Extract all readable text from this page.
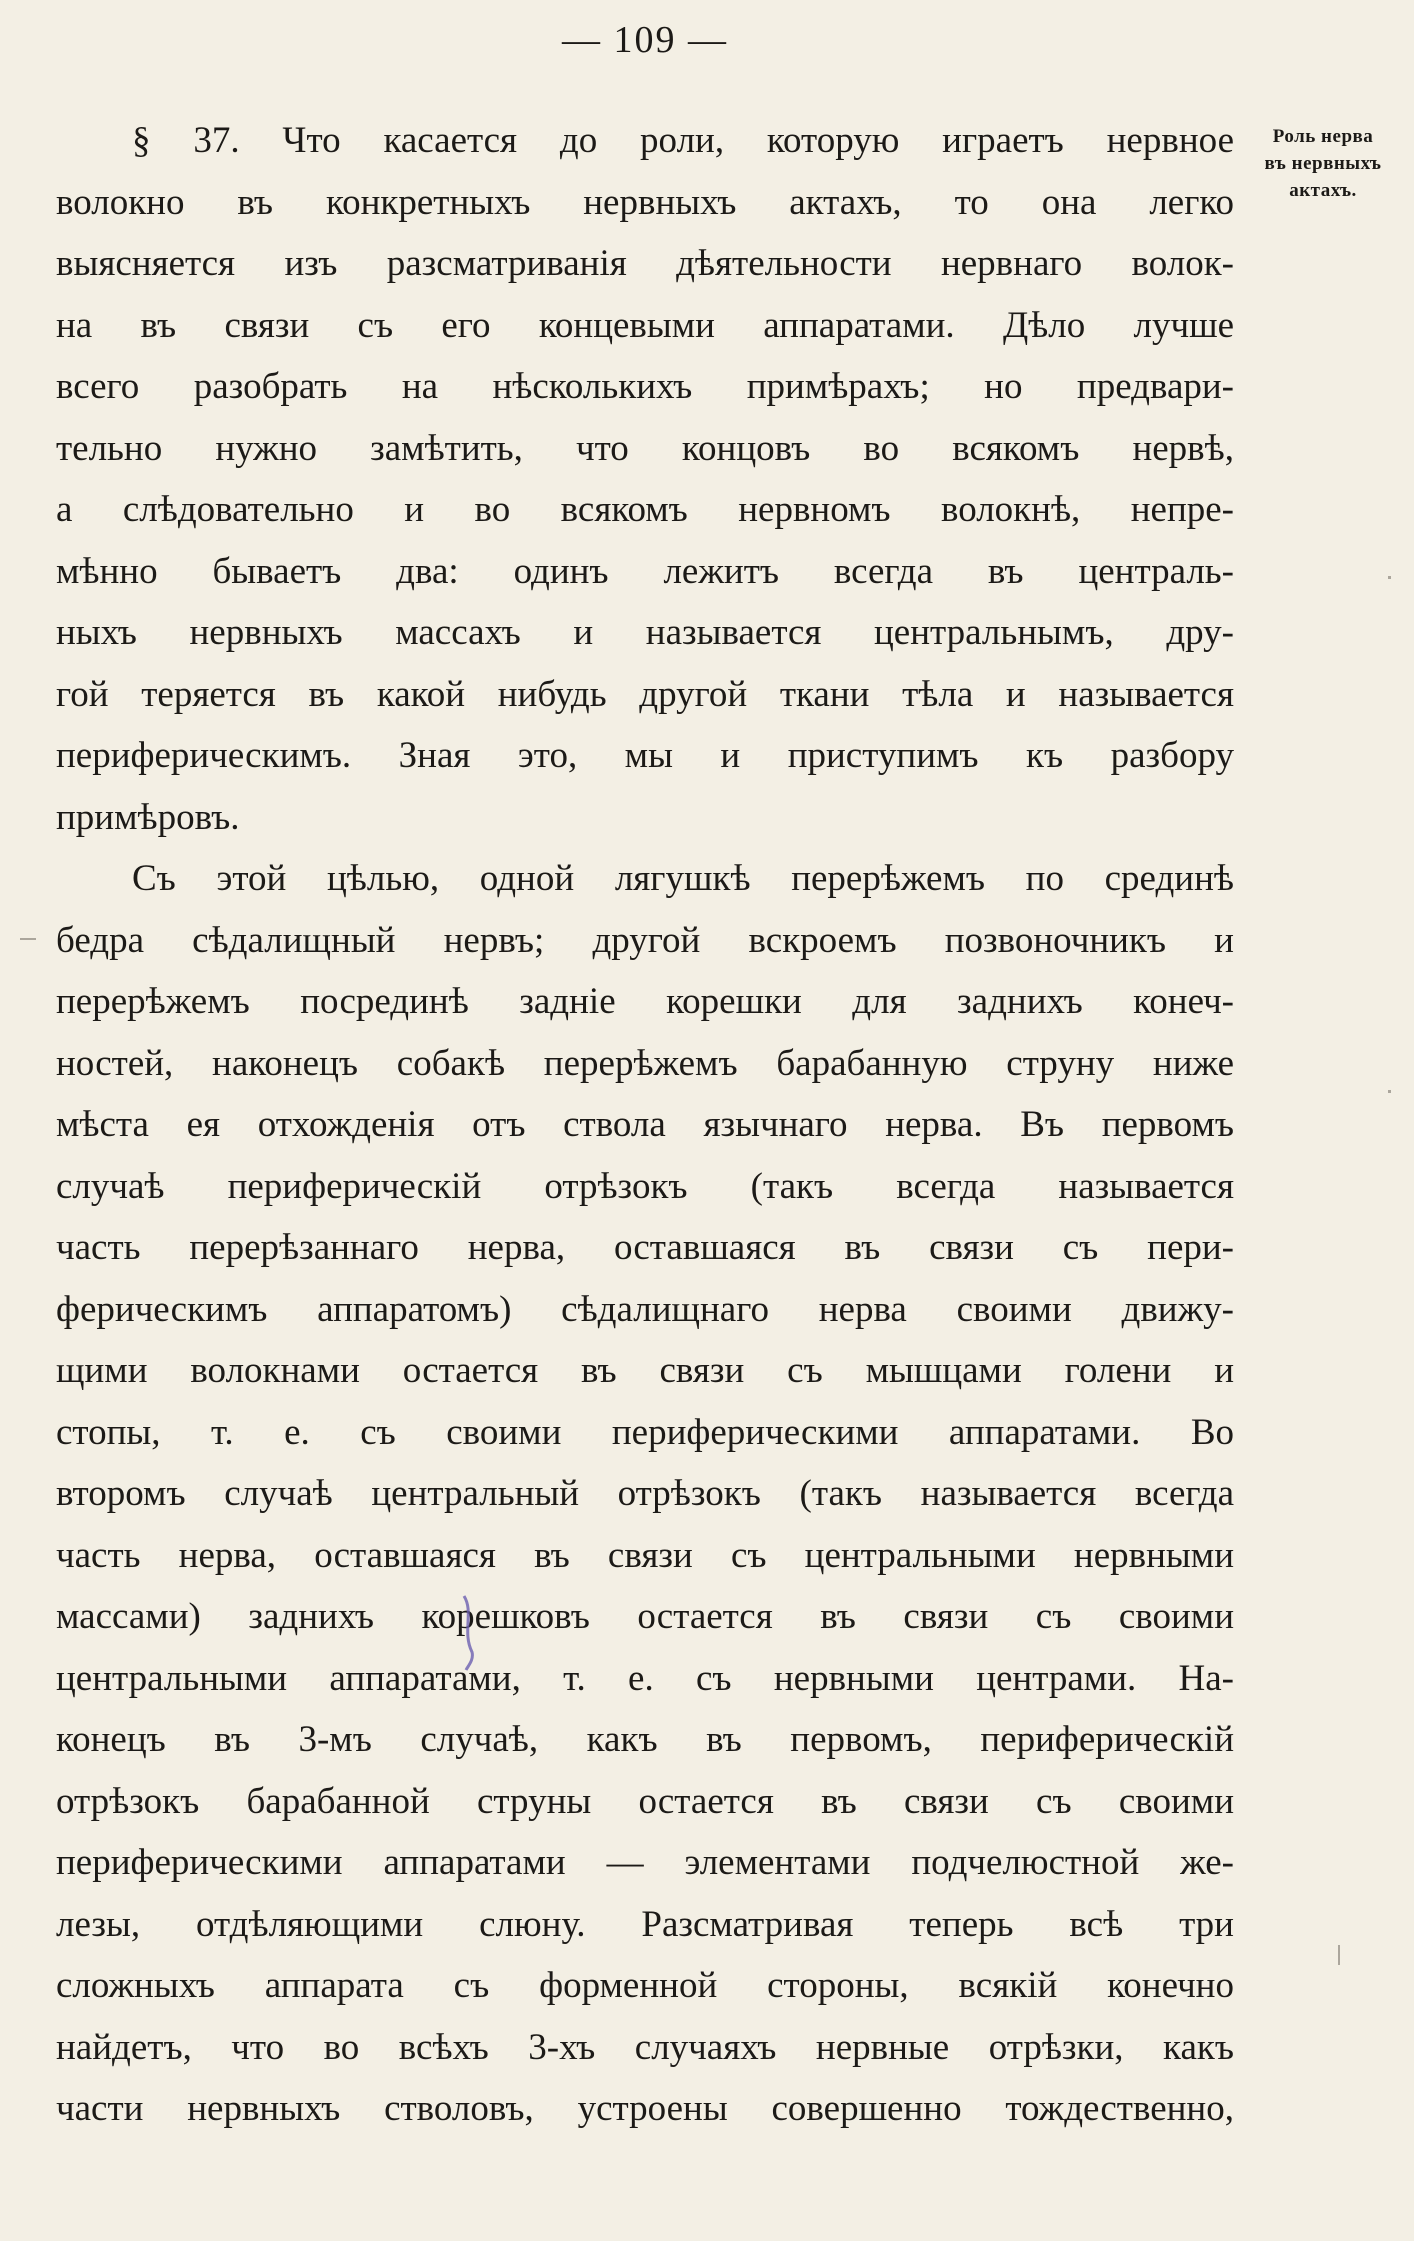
— 109 —
Роль нерва
въ нервныхъ
актахъ.
§ 37. Что касается до роли, которую играетъ нервное
волокно въ конкретныхъ нервныхъ актахъ, то она легко
выясняется изъ разсматриванія дѣятельности нервнаго волок-
на въ связи съ его концевыми аппаратами. Дѣло лучше
всего разобрать на нѣсколькихъ примѣрахъ; но предвари-
тельно нужно замѣтить, что концовъ во всякомъ нервѣ,
а слѣдовательно и во всякомъ нервномъ волокнѣ, непре-
мѣнно бываетъ два: одинъ лежитъ всегда въ централь-
ныхъ нервныхъ массахъ и называется центральнымъ, дру-
гой теряется въ какой нибудь другой ткани тѣла и называется
периферическимъ. Зная это, мы и приступимъ къ разбору
примѣровъ.
Съ этой цѣлью, одной лягушкѣ перерѣжемъ по срединѣ
бедра сѣдалищный нервъ; другой вскроемъ позвоночникъ и
перерѣжемъ посрединѣ задніе корешки для заднихъ конеч-
ностей, наконецъ собакѣ перерѣжемъ барабанную струну ниже
мѣста ея отхожденія отъ ствола язычнаго нерва. Въ первомъ
случаѣ периферическій отрѣзокъ (такъ всегда называется
часть перерѣзаннаго нерва, оставшаяся въ связи съ пери-
ферическимъ аппаратомъ) сѣдалищнаго нерва своими движу-
щими волокнами остается въ связи съ мышцами голени и
стопы, т. е. съ своими периферическими аппаратами. Во
второмъ случаѣ центральный отрѣзокъ (такъ называется всегда
часть нерва, оставшаяся въ связи съ центральными нервными
массами) заднихъ корешковъ остается въ связи съ своими
центральными аппаратами, т. е. съ нервными центрами. На-
конецъ въ 3-мъ случаѣ, какъ въ первомъ, периферическій
отрѣзокъ барабанной струны остается въ связи съ своими
периферическими аппаратами — элементами подчелюстной же-
лезы, отдѣляющими слюну. Разсматривая теперь всѣ три
сложныхъ аппарата съ форменной стороны, всякій конечно
найдетъ, что во всѣхъ 3-хъ случаяхъ нервные отрѣзки, какъ
части нервныхъ стволовъ, устроены совершенно тождественно,
